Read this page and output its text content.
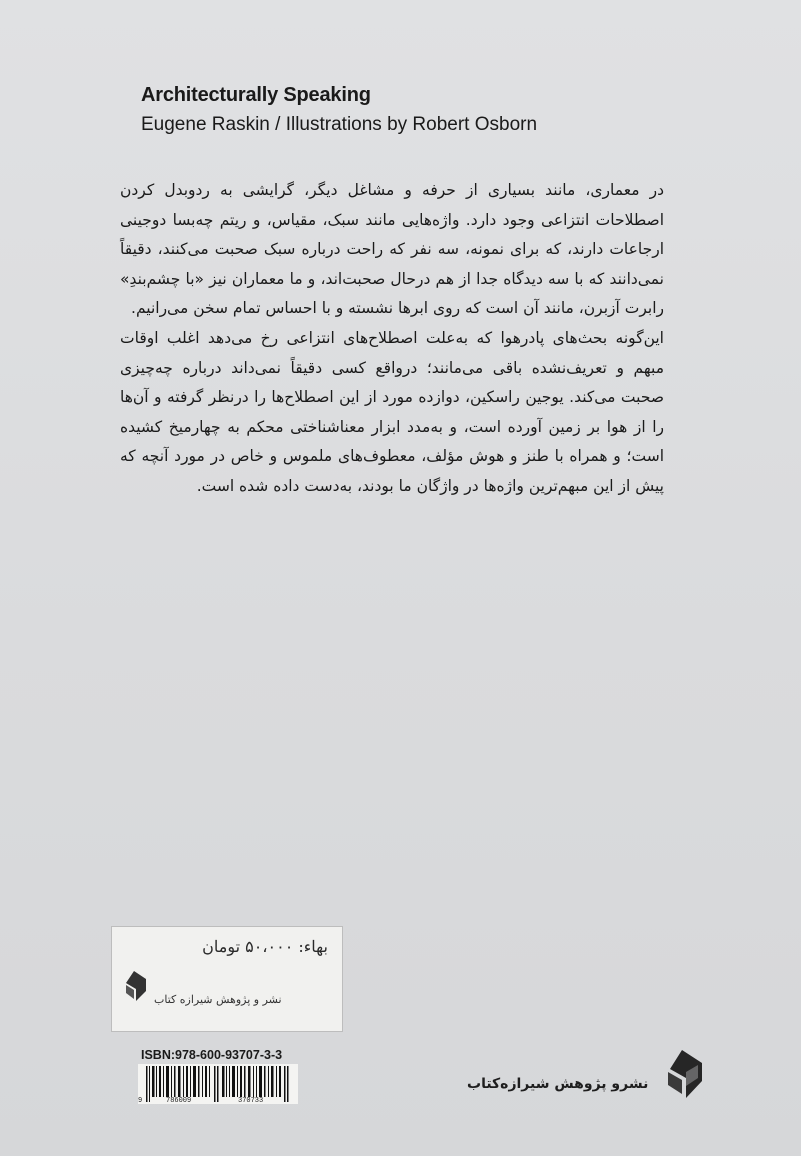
Architecturally Speaking
Eugene Raskin / Illustrations by Robert Osborn

در معماری، مانند بسیاری از حرفه و مشاغل دیگر، گرایشی به ردوبدل کردن اصطلاحات انتزاعی وجود دارد. واژه‌هایی مانند سبک، مقیاس، و ریتم چه‌بسا دوجینی ارجاعات دارند، که برای نمونه، سه نفر که راحت درباره سبک صحبت می‌کنند، دقیقاً نمی‌دانند که با سه دیدگاه جدا از هم درحال صحبت‌اند، و ما معماران نیز «با چشم‌بندِ» رابرت آزبرن، مانند آن است که روی ابرها نشسته و با احساس تمام سخن می‌رانیم.

این‌گونه بحث‌های پادرهوا که به‌علت اصطلاح‌های انتزاعی رخ می‌دهد اغلب اوقات مبهم و تعریف‌نشده باقی می‌مانند؛ درواقع کسی دقیقاً نمی‌داند درباره چه‌چیزی صحبت می‌کند. یوجین راسکین، دوازده مورد از این اصطلاح‌ها را درنظر گرفته و آن‌ها را از هوا بر زمین آورده است، و به‌مدد ابزار معناشناختی محکم به چهارمیخ کشیده است؛ و همراه با طنز و هوش مؤلف، معطوف‌های ملموس و خاص در مورد آنچه که پیش از این مبهم‌ترین واژه‌ها در واژگان ما بودند، به‌دست داده شده است.

بهاء: ۵۰،۰۰۰ تومان
نشر و پژوهش شیرازه کتاب
ISBN:978-600-93707-3-3
9	786009	370733
نشرو پژوهش شیرازه‌کتاب
